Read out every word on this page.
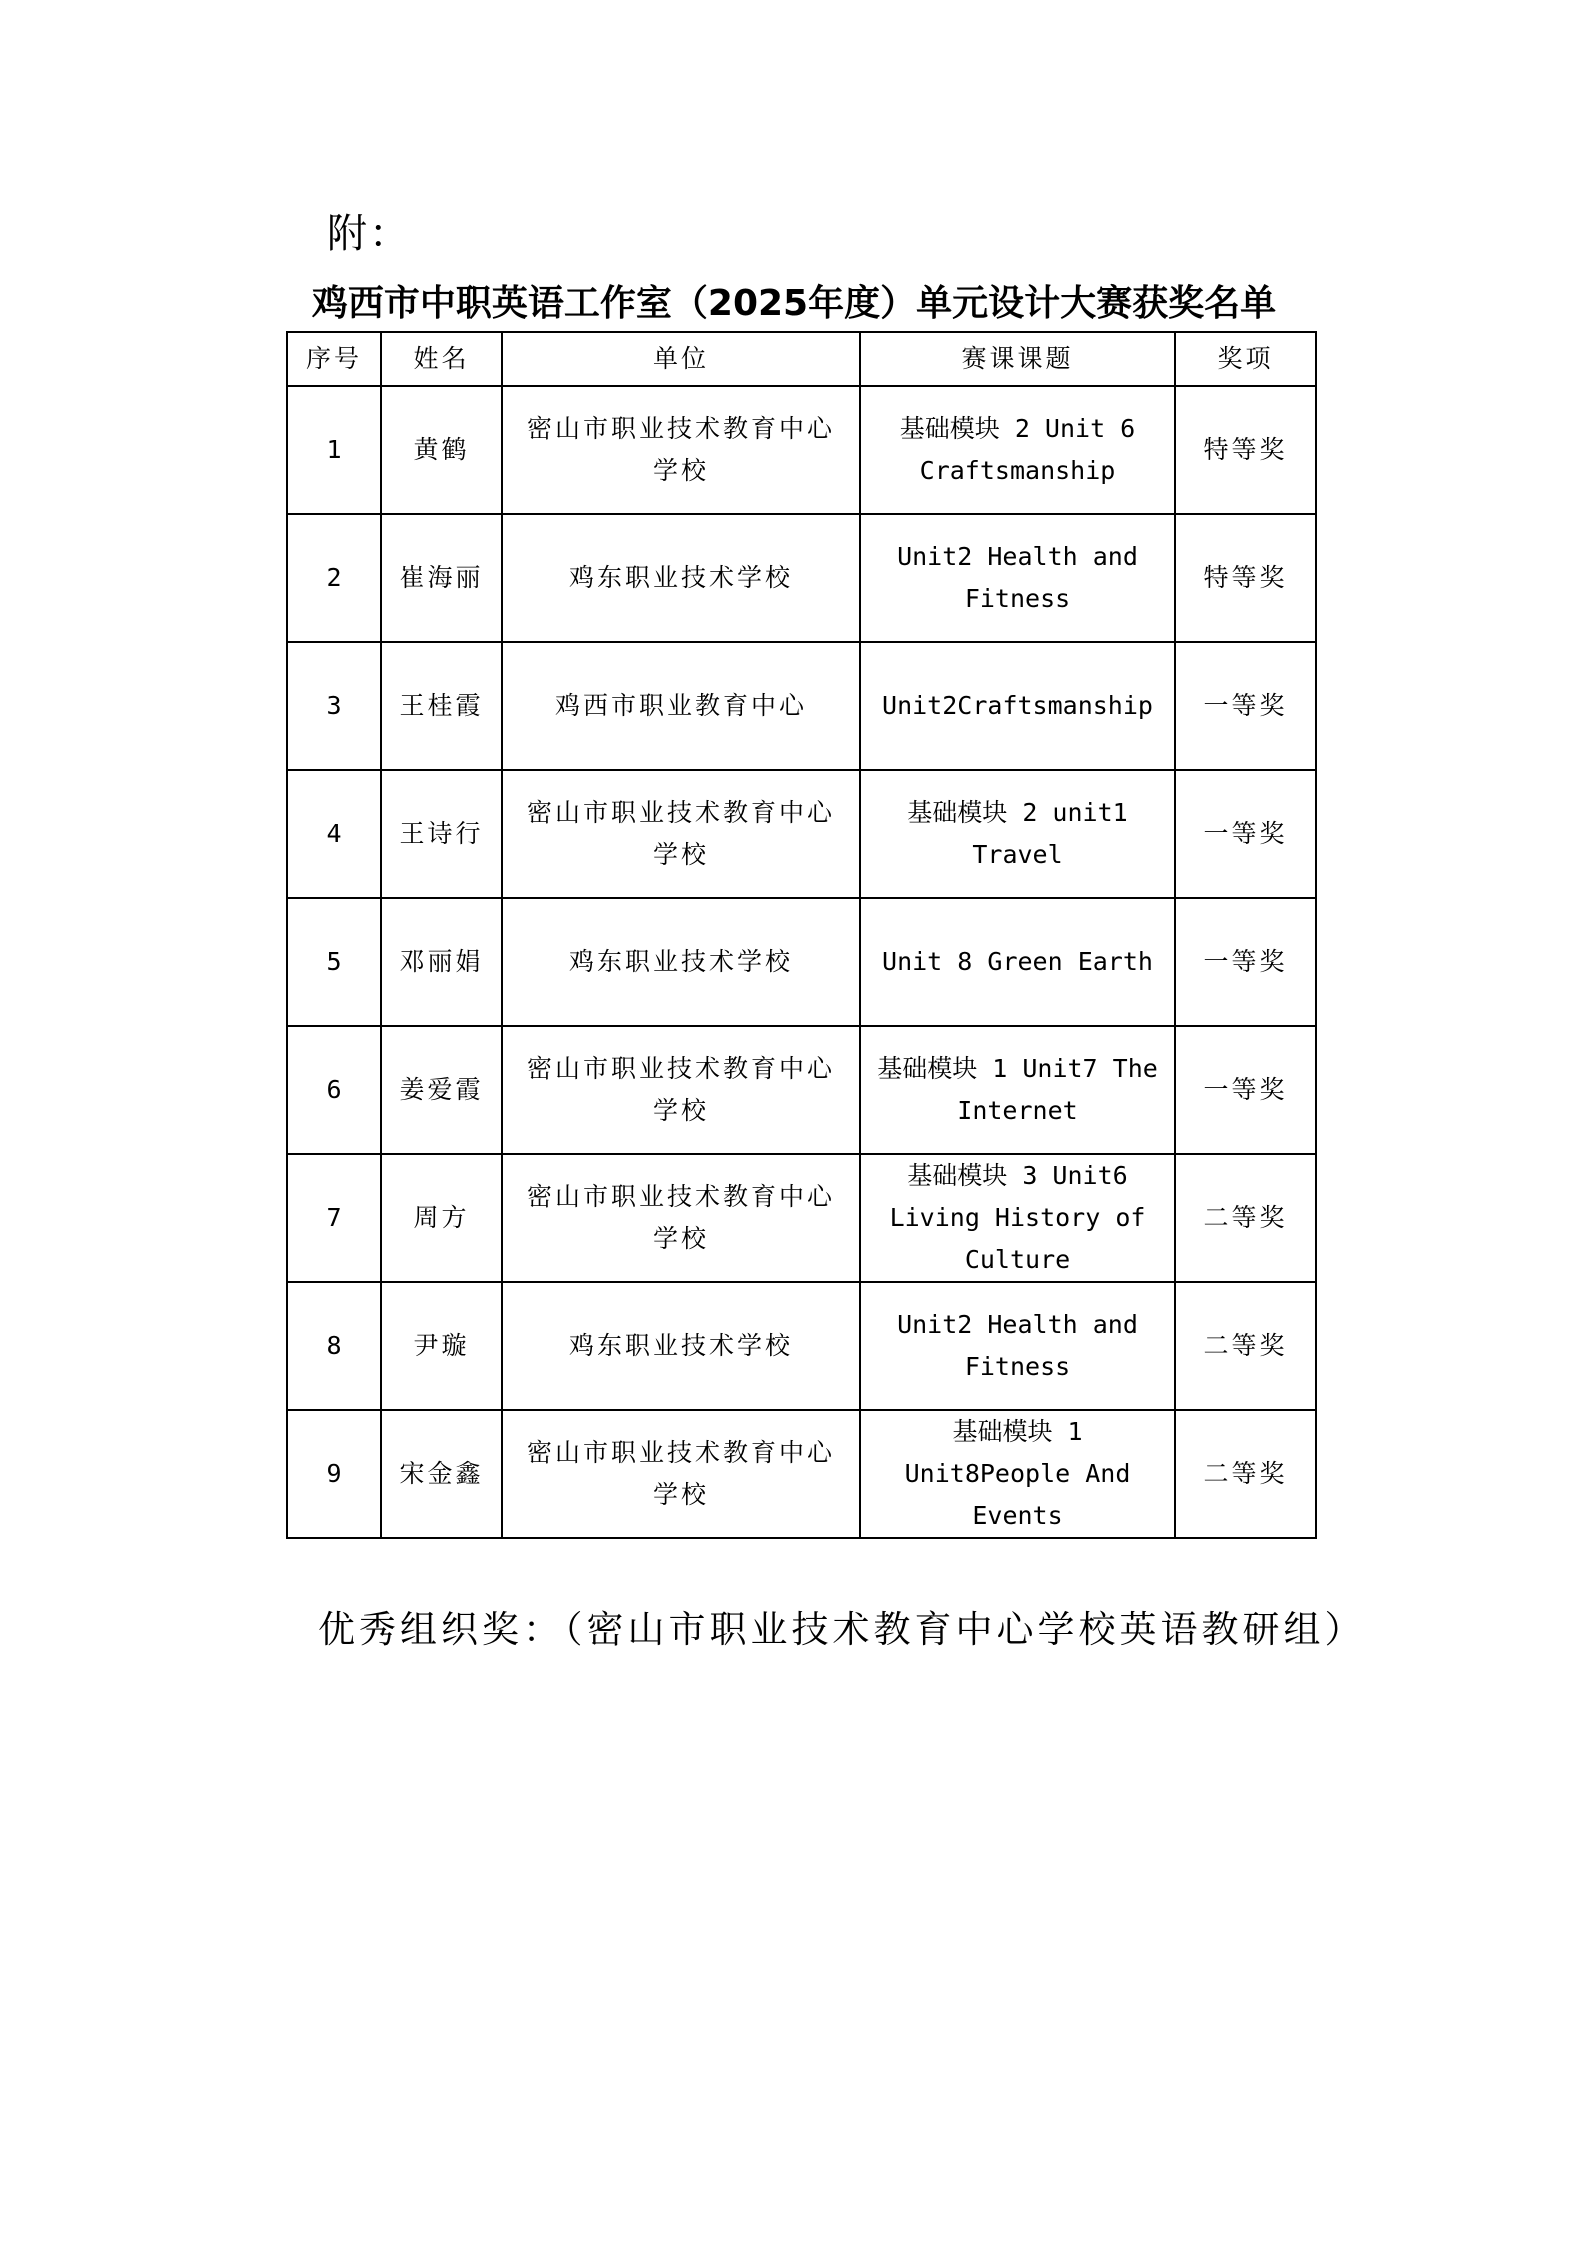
附：
鸡西市中职英语工作室（2025年度）单元设计大赛获奖名单
序号	姓名	单位	赛课课题	奖项
1	黄鹤	密山市职业技术教育中心学校	基础模块 2 Unit 6 Craftsmanship	特等奖
2	崔海丽	鸡东职业技术学校	Unit2 Health and Fitness	特等奖
3	王桂霞	鸡西市职业教育中心	Unit2Craftsmanship	一等奖
4	王诗行	密山市职业技术教育中心学校	基础模块 2 unit1 Travel	一等奖
5	邓丽娟	鸡东职业技术学校	Unit 8 Green Earth	一等奖
6	姜爱霞	密山市职业技术教育中心学校	基础模块 1 Unit7 The Internet	一等奖
7	周方	密山市职业技术教育中心学校	基础模块 3 Unit6 Living History of Culture	二等奖
8	尹璇	鸡东职业技术学校	Unit2 Health and Fitness	二等奖
9	宋金鑫	密山市职业技术教育中心学校	基础模块 1 Unit8People And Events	二等奖
优秀组织奖：（密山市职业技术教育中心学校英语教研组）
